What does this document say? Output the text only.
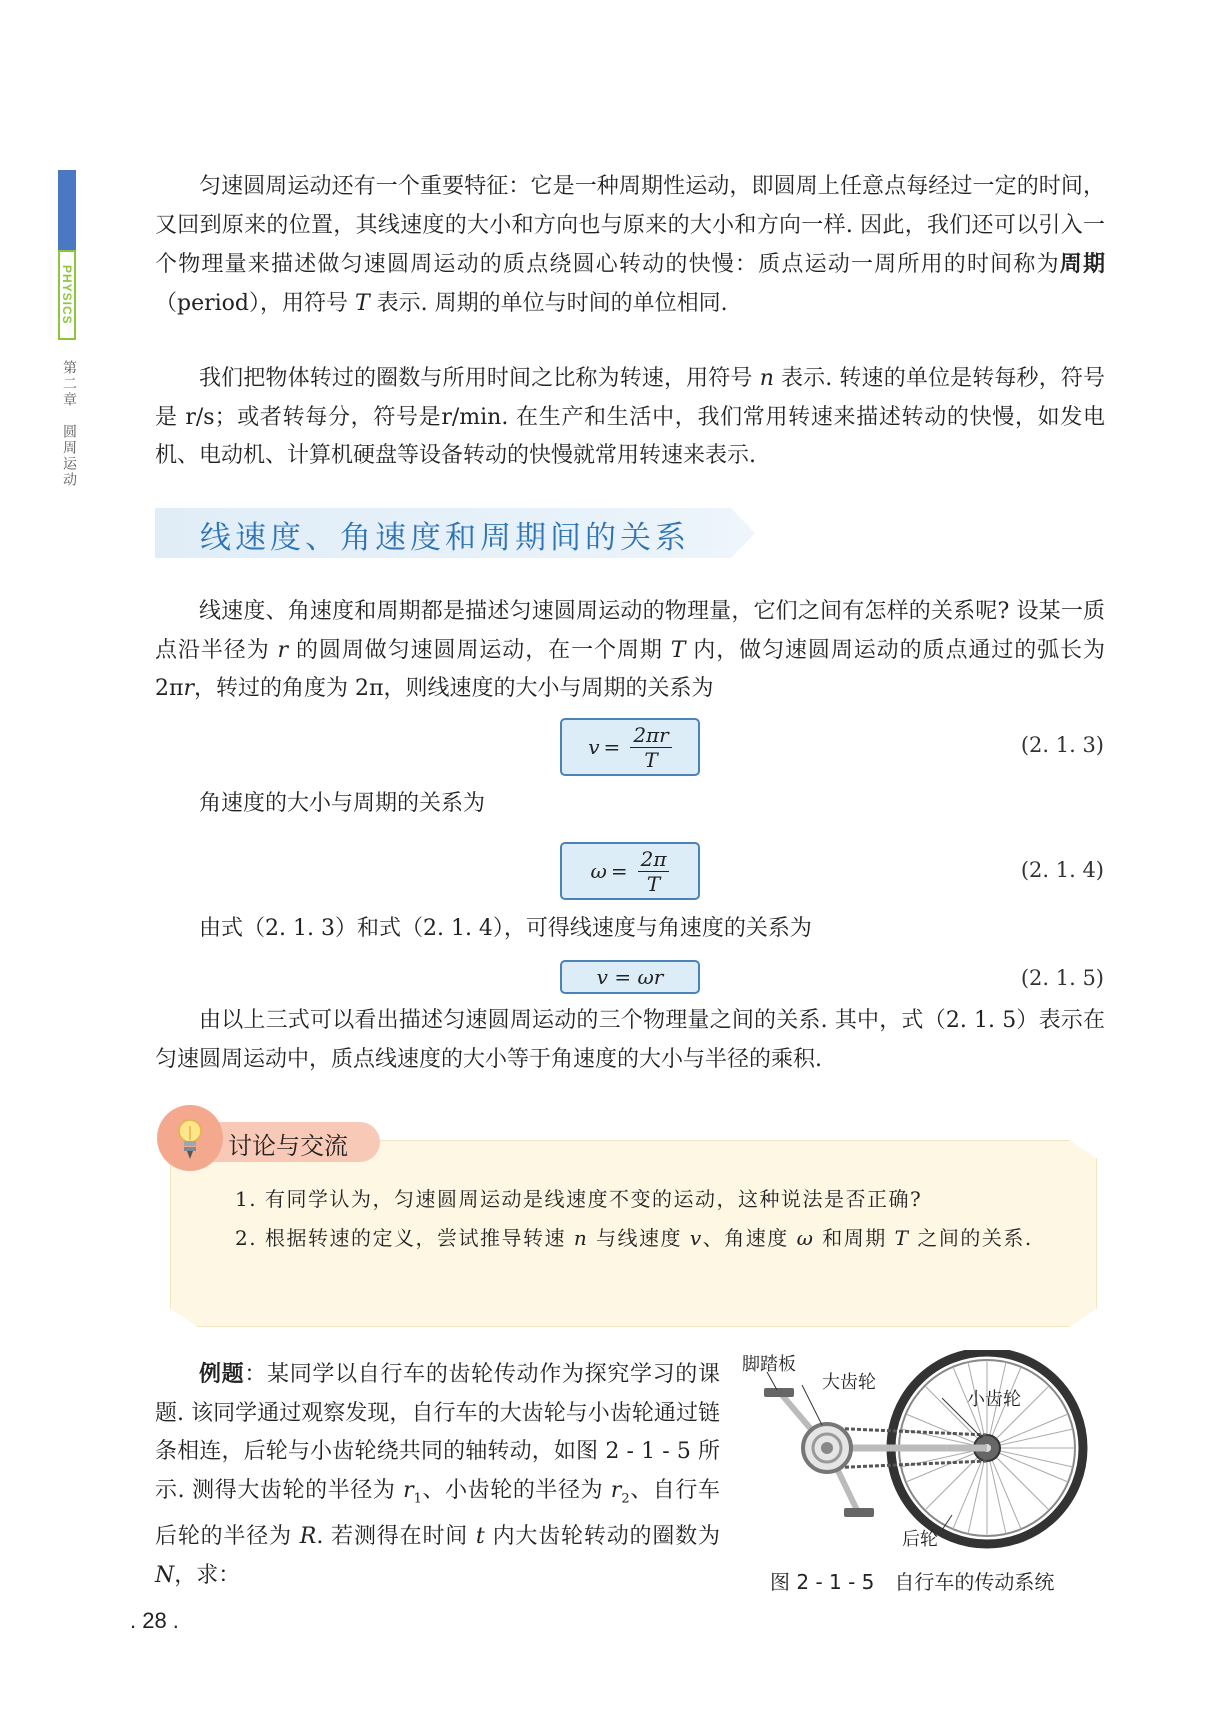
PHYSICS
第二章圆周运动

匀速圆周运动还有一个重要特征：它是一种周期性运动，即圆周上任意点每经过一定的时间，又回到原来的位置，其线速度的大小和方向也与原来的大小和方向一样. 因此，我们还可以引入一个物理量来描述做匀速圆周运动的质点绕圆心转动的快慢：质点运动一周所用的时间称为周期（period），用符号 T 表示. 周期的单位与时间的单位相同.

我们把物体转过的圈数与所用时间之比称为转速，用符号 n 表示. 转速的单位是转每秒，符号是 r/s；或者转每分，符号是r/min. 在生产和生活中，我们常用转速来描述转动的快慢，如发电机、电动机、计算机硬盘等设备转动的快慢就常用转速来表示.

线速度、角速度和周期间的关系

线速度、角速度和周期都是描述匀速圆周运动的物理量，它们之间有怎样的关系呢? 设某一质点沿半径为 r 的圆周做匀速圆周运动，在一个周期 T 内，做匀速圆周运动的质点通过的弧长为 2πr，转过的角度为 2π，则线速度的大小与周期的关系为

$v = \frac{2\pi r}{T}$	(2. 1. 3)

角速度的大小与周期的关系为

$\omega = \frac{2\pi}{T}$	(2. 1. 4)

由式（2. 1. 3）和式（2. 1. 4），可得线速度与角速度的关系为

v = ωr	(2. 1. 5)

由以上三式可以看出描述匀速圆周运动的三个物理量之间的关系. 其中，式（2. 1. 5）表示在匀速圆周运动中，质点线速度的大小等于角速度的大小与半径的乘积.

讨论与交流

1. 有同学认为，匀速圆周运动是线速度不变的运动，这种说法是否正确?

2. 根据转速的定义，尝试推导转速 n 与线速度 v、角速度 ω 和周期 T 之间的关系.

例题：某同学以自行车的齿轮传动作为探究学习的课题. 该同学通过观察发现，自行车的大齿轮与小齿轮通过链条相连，后轮与小齿轮绕共同的轴转动，如图 2 - 1 - 5 所示. 测得大齿轮的半径为 $r_1$、小齿轮的半径为 $r_2$、自行车后轮的半径为 R. 若测得在时间 t 内大齿轮转动的圈数为 N，求：

脚踏板
大齿轮
小齿轮
后轮
图 2 - 1 - 5　自行车的传动系统
. 28 .
